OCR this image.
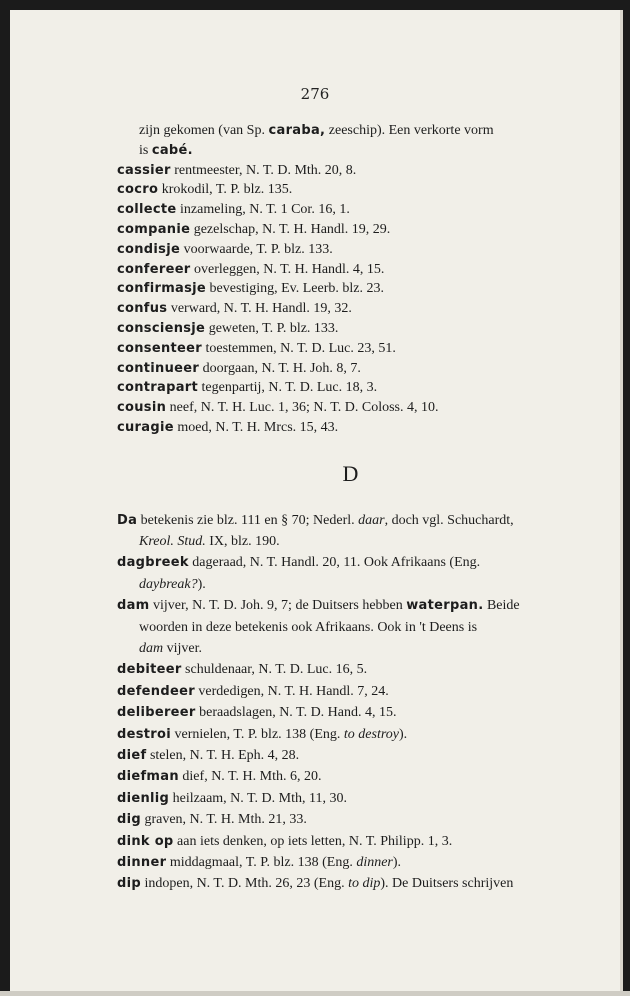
276
zijn gekomen (van Sp. caraba, zeeschip). Een verkorte vorm
is cabé.
cassier rentmeester, N. T. D. Mth. 20, 8.
cocro krokodil, T. P. blz. 135.
collecte inzameling, N. T. 1 Cor. 16, 1.
companie gezelschap, N. T. H. Handl. 19, 29.
condisje voorwaarde, T. P. blz. 133.
confereer overleggen, N. T. H. Handl. 4, 15.
confirmasje bevestiging, Ev. Leerb. blz. 23.
confus verward, N. T. H. Handl. 19, 32.
consciensje geweten, T. P. blz. 133.
consenteer toestemmen, N. T. D. Luc. 23, 51.
continueer doorgaan, N. T. H. Joh. 8, 7.
contrapart tegenpartij, N. T. D. Luc. 18, 3.
cousin neef, N. T. H. Luc. 1, 36; N. T. D. Coloss. 4, 10.
curagie moed, N. T. H. Mrcs. 15, 43.
D
Da betekenis zie blz. 111 en § 70; Nederl. daar, doch vgl. Schuchardt,
Kreol. Stud. IX, blz. 190.
dagbreek dageraad, N. T. Handl. 20, 11. Ook Afrikaans (Eng.
daybreak?).
dam vijver, N. T. D. Joh. 9, 7; de Duitsers hebben waterpan. Beide
woorden in deze betekenis ook Afrikaans. Ook in 't Deens is
dam vijver.
debiteer schuldenaar, N. T. D. Luc. 16, 5.
defendeer verdedigen, N. T. H. Handl. 7, 24.
delibereer beraadslagen, N. T. D. Hand. 4, 15.
destroi vernielen, T. P. blz. 138 (Eng. to destroy).
dief stelen, N. T. H. Eph. 4, 28.
diefman dief, N. T. H. Mth. 6, 20.
dienlig heilzaam, N. T. D. Mth, 11, 30.
dig graven, N. T. H. Mth. 21, 33.
dink op aan iets denken, op iets letten, N. T. Philipp. 1, 3.
dinner middagmaal, T. P. blz. 138 (Eng. dinner).
dip indopen, N. T. D. Mth. 26, 23 (Eng. to dip). De Duitsers schrijven
